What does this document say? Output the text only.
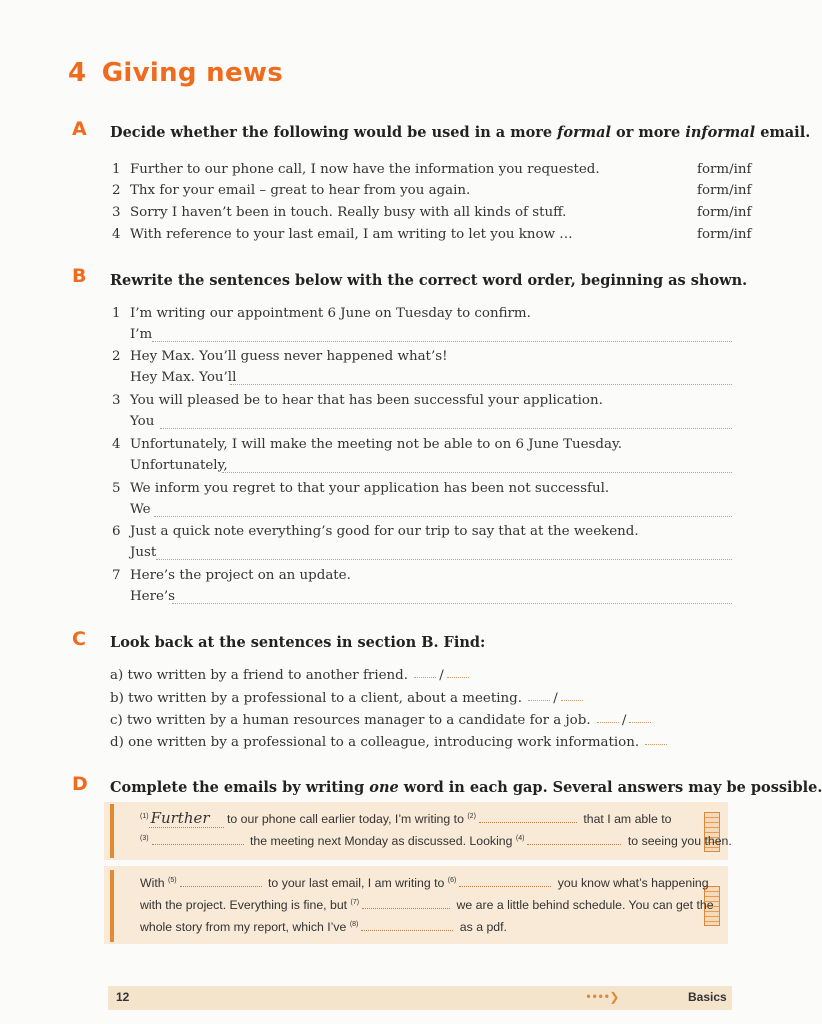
4 Giving news
A Decide whether the following would be used in a more formal or more informal email.
1 Further to our phone call, I now have the information you requested.	form/inf
2 Thx for your email – great to hear from you again.	form/inf
3 Sorry I haven’t been in touch. Really busy with all kinds of stuff.	form/inf
4 With reference to your last email, I am writing to let you know …	form/inf
B Rewrite the sentences below with the correct word order, beginning as shown.
1 I’m writing our appointment 6 June on Tuesday to confirm.
I’m
2 Hey Max. You’ll guess never happened what’s!
Hey Max. You’ll
3 You will pleased be to hear that has been successful your application.
You
4 Unfortunately, I will make the meeting not be able to on 6 June Tuesday.
Unfortunately,
5 We inform you regret to that your application has been not successful.
We
6 Just a quick note everything’s good for our trip to say that at the weekend.
Just
7 Here’s the project on an update.
Here’s
C Look back at the sentences in section B. Find:
a) two written by a friend to another friend. /
b) two written by a professional to a client, about a meeting. /
c) two written by a human resources manager to a candidate for a job. /
d) one written by a professional to a colleague, introducing work information.
D Complete the emails by writing one word in each gap. Several answers may be possible.
$^{(1)}$ Further to our phone call earlier today, I’m writing to $^{(2)}$	that I am able to
$^{(3)}$	the meeting next Monday as discussed. Looking $^{(4)}$	to seeing you then.
With $^{(5)}$	to your last email, I am writing to $^{(6)}$	you know what’s happening
with the project. Everything is fine, but $^{(7)}$	we are a little behind schedule. You can get the
whole story from my report, which I’ve $^{(8)}$	as a pdf.
12	••••❯	Basics
